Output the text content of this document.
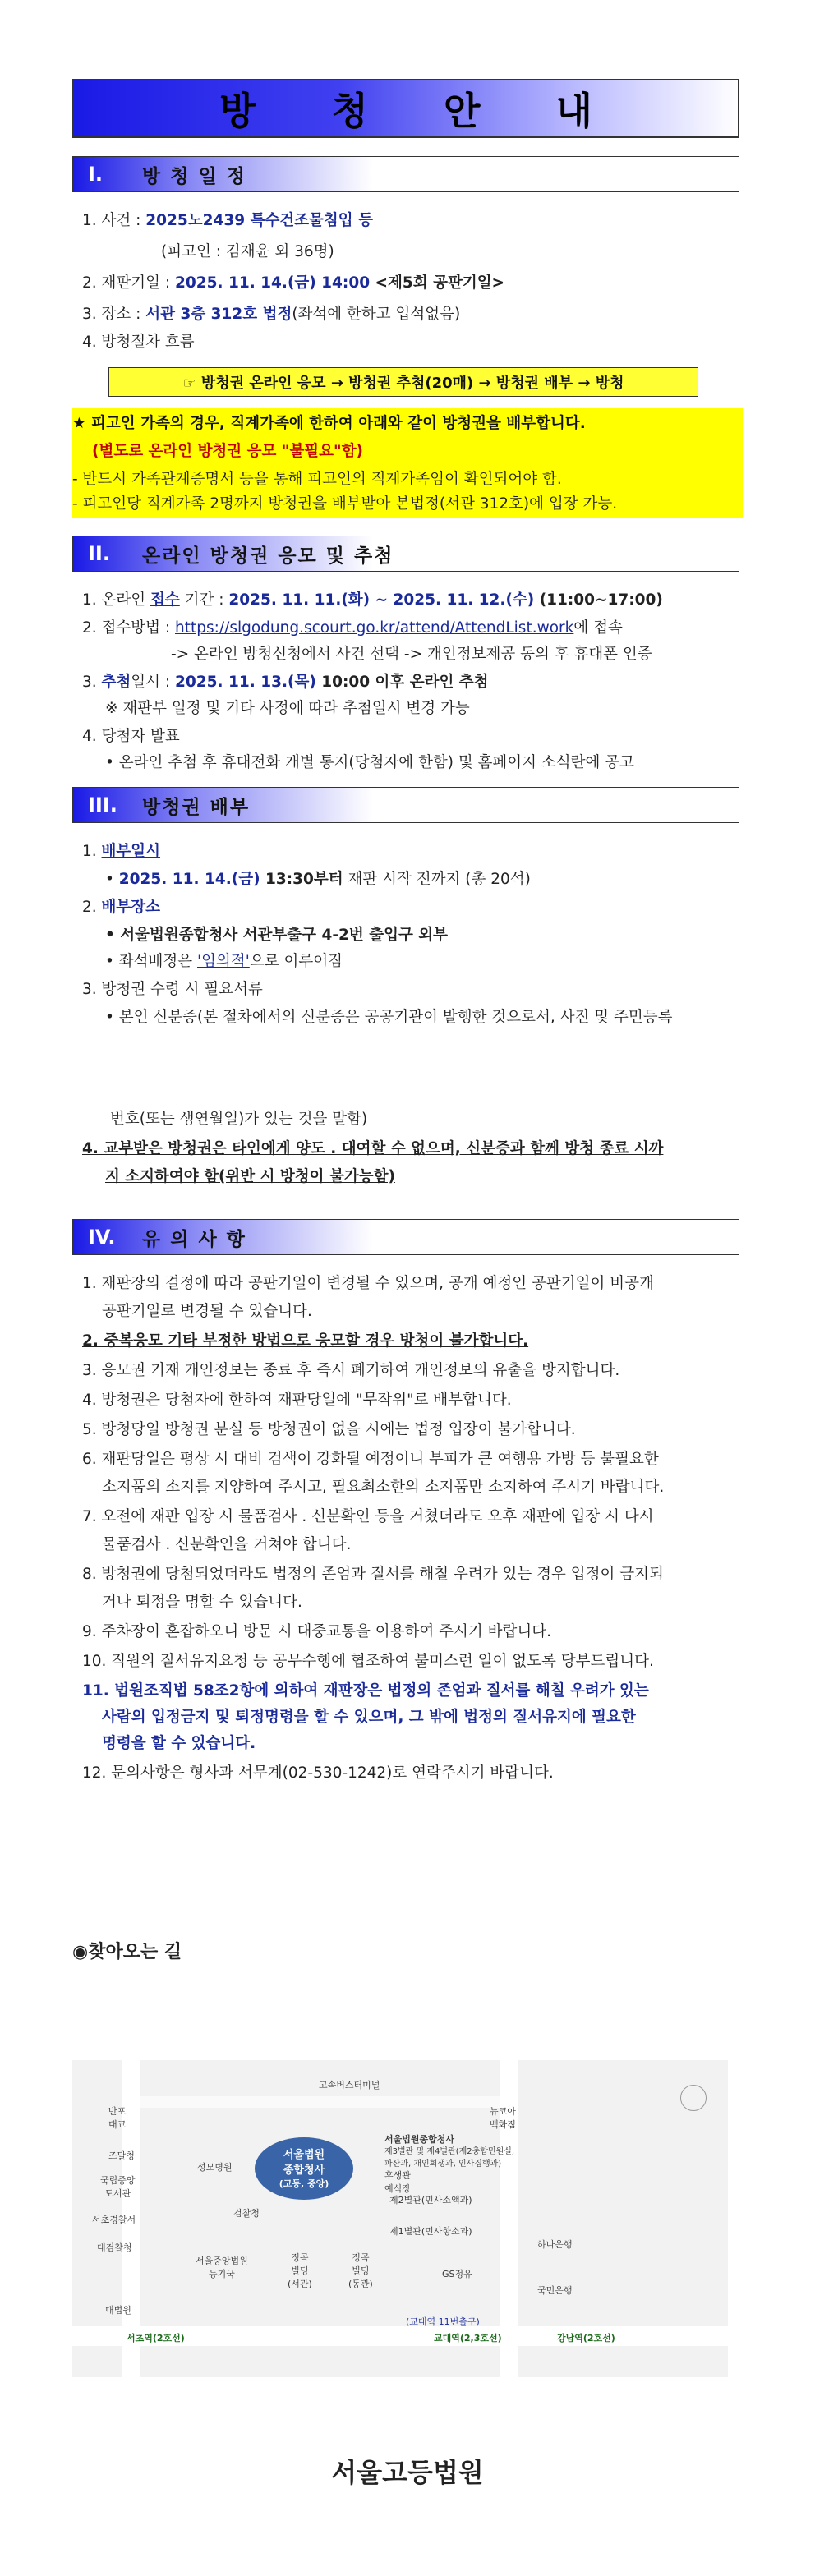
방 청 안 내
I.	방 청 일 정
1. 사건 : 2025노2439 특수건조물침입 등
(피고인 : 김재윤 외 36명)
2. 재판기일 : 2025. 11. 14.(금) 14:00 <제5회 공판기일>
3. 장소 : 서관 3층 312호 법정(좌석에 한하고 입석없음)
4. 방청절차 흐름
☞ 방청권 온라인 응모 → 방청권 추첨(20매) → 방청권 배부 → 방청
★ 피고인 가족의 경우, 직계가족에 한하여 아래와 같이 방청권을 배부합니다.
(별도로 온라인 방청권 응모 "불필요"함)
- 반드시 가족관계증명서 등을 통해 피고인의 직계가족임이 확인되어야 함.
- 피고인당 직계가족 2명까지 방청권을 배부받아 본법정(서관 312호)에 입장 가능.
II.	온라인 방청권 응모 및 추첨
1. 온라인 접수 기간 : 2025. 11. 11.(화) ~ 2025. 11. 12.(수) (11:00~17:00)
2. 접수방법 : https://slgodung.scourt.go.kr/attend/AttendList.work에 접속
-> 온라인 방청신청에서 사건 선택 -> 개인정보제공 동의 후 휴대폰 인증
3. 추첨일시 : 2025. 11. 13.(목) 10:00 이후 온라인 추첨
※ 재판부 일정 및 기타 사정에 따라 추첨일시 변경 가능
4. 당첨자 발표
• 온라인 추첨 후 휴대전화 개별 통지(당첨자에 한함) 및 홈페이지 소식란에 공고
III.	방청권 배부
1. 배부일시
• 2025. 11. 14.(금) 13:30부터 재판 시작 전까지 (총 20석)
2. 배부장소
• 서울법원종합청사 서관부출구 4-2번 출입구 외부
• 좌석배정은 '임의적'으로 이루어짐
3. 방청권 수령 시 필요서류
• 본인 신분증(본 절차에서의 신분증은 공공기관이 발행한 것으로서, 사진 및 주민등록
번호(또는 생연월일)가 있는 것을 말함)
4. 교부받은 방청권은 타인에게 양도 . 대여할 수 없으며, 신분증과 함께 방청 종료 시까
지 소지하여야 함(위반 시 방청이 불가능함)
IV.	유 의 사 항
1. 재판장의 결정에 따라 공판기일이 변경될 수 있으며, 공개 예정인 공판기일이 비공개
공판기일로 변경될 수 있습니다.
2. 중복응모 기타 부정한 방법으로 응모할 경우 방청이 불가합니다.
3. 응모권 기재 개인정보는 종료 후 즉시 폐기하여 개인정보의 유출을 방지합니다.
4. 방청권은 당첨자에 한하여 재판당일에 "무작위"로 배부합니다.
5. 방청당일 방청권 분실 등 방청권이 없을 시에는 법정 입장이 불가합니다.
6. 재판당일은 평상 시 대비 검색이 강화될 예정이니 부피가 큰 여행용 가방 등 불필요한
소지품의 소지를 지양하여 주시고, 필요최소한의 소지품만 소지하여 주시기 바랍니다.
7. 오전에 재판 입장 시 물품검사 . 신분확인 등을 거쳤더라도 오후 재판에 입장 시 다시
물품검사 . 신분확인을 거쳐야 합니다.
8. 방청권에 당첨되었더라도 법정의 존엄과 질서를 해칠 우려가 있는 경우 입정이 금지되
거나 퇴정을 명할 수 있습니다.
9. 주차장이 혼잡하오니 방문 시 대중교통을 이용하여 주시기 바랍니다.
10. 직원의 질서유지요청 등 공무수행에 협조하여 불미스런 일이 없도록 당부드립니다.
11. 법원조직법 58조2항에 의하여 재판장은 법정의 존엄과 질서를 해칠 우려가 있는
사람의 입정금지 및 퇴정명령을 할 수 있으며, 그 밖에 법정의 질서유지에 필요한
명령을 할 수 있습니다.
12. 문의사항은 형사과 서무계(02-530-1242)로 연락주시기 바랍니다.
◉찾아오는 길
고속버스터미널
반포
대교
뉴코아
백화점
조달청
국립중앙
도서관
서초경찰서
대검찰청
대법원
성모병원
서울법원
종합청사
(고등, 중앙)
검찰청
서울법원종합청사
제3별관 및 제4별관(제2충합민원실, 파산과, 개인회생과, 인사집행과)
후생관
예식장
제2별관(민사소액과)
제1별관(민사항소과)
서울중앙법원
등기국
정곡
빌딩
(서관)
정곡
빌딩
(동관)
GS정유
하나은행
국민은행
(교대역 11번출구)
서초역(2호선)	교대역(2,3호선)	강남역(2호선)
서울고등법원
